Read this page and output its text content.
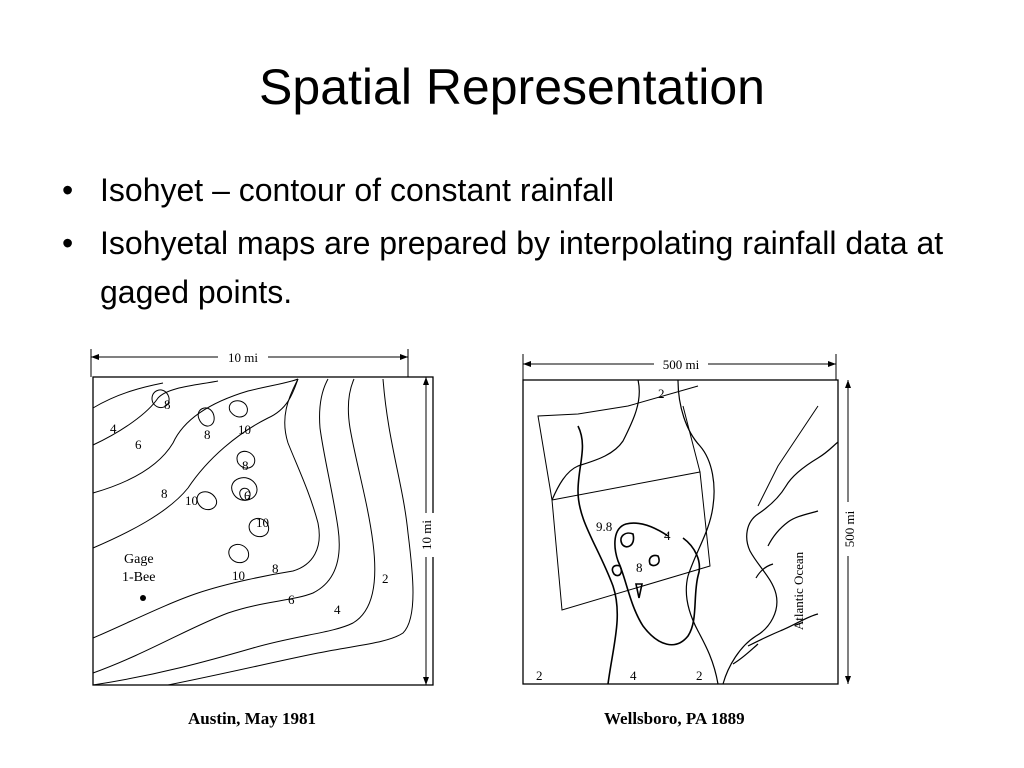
Spatial Representation
• Isohyet – contour of constant rainfall
• Isohyetal maps are prepared by interpolating rainfall data at gaged points.
10 mi
10 mi
Gage
1-Bee
4
6
8
8
8
10
8
6
10
10
10 8
6
4
2
Austin, May 1981
500 mi
500 mi
2
9.8
4
8
2	4	2
Atlantic Ocean
Wellsboro, PA 1889
